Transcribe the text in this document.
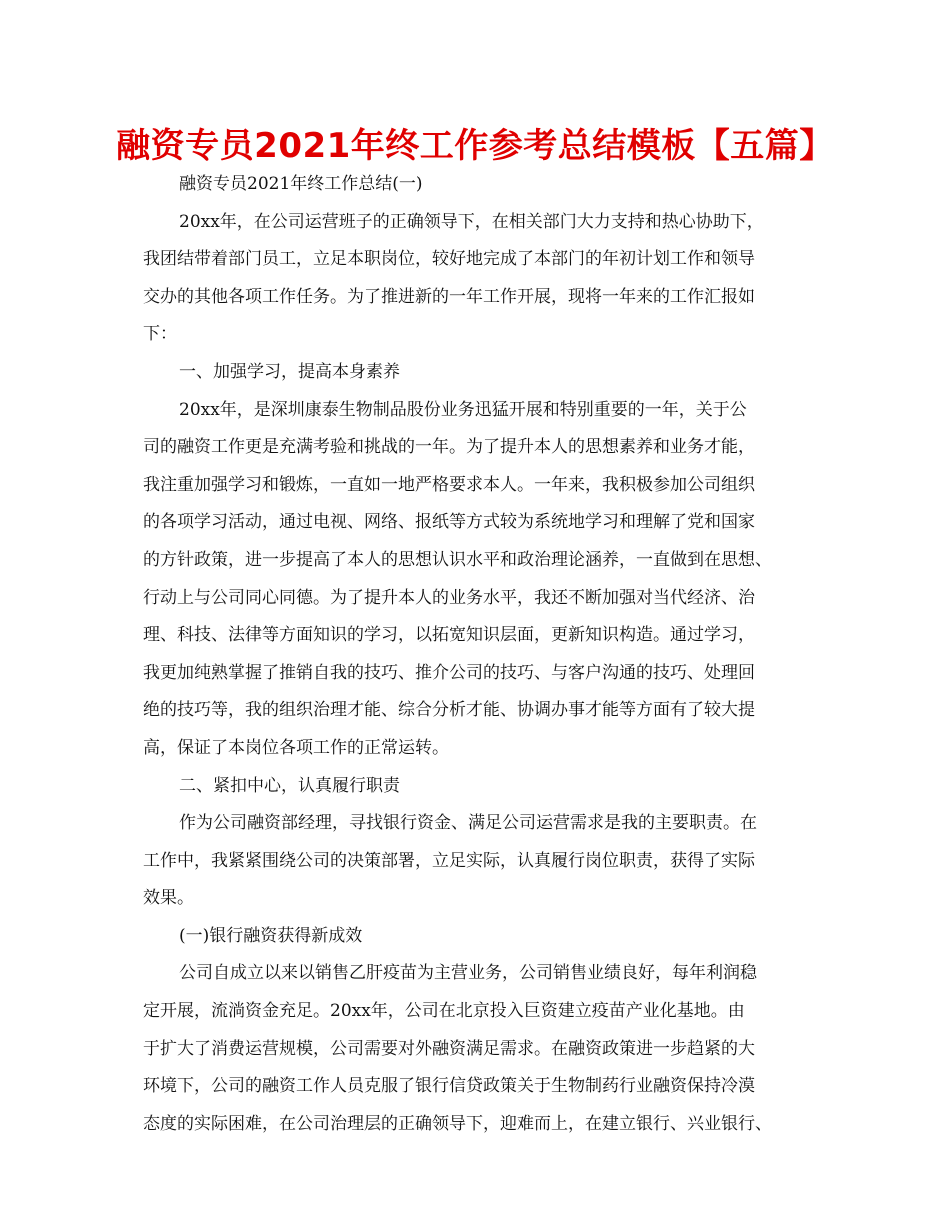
融资专员2021年终工作参考总结模板【五篇】
融资专员2021年终工作总结(一)
20xx年，在公司运营班子的正确领导下，在相关部门大力支持和热心协助下，
我团结带着部门员工，立足本职岗位，较好地完成了本部门的年初计划工作和领导
交办的其他各项工作任务。为了推进新的一年工作开展，现将一年来的工作汇报如
下：
一、加强学习，提高本身素养
20xx年，是深圳康泰生物制品股份业务迅猛开展和特别重要的一年，关于公
司的融资工作更是充满考验和挑战的一年。为了提升本人的思想素养和业务才能，
我注重加强学习和锻炼，一直如一地严格要求本人。一年来，我积极参加公司组织
的各项学习活动，通过电视、网络、报纸等方式较为系统地学习和理解了党和国家
的方针政策，进一步提高了本人的思想认识水平和政治理论涵养，一直做到在思想、
行动上与公司同心同德。为了提升本人的业务水平，我还不断加强对当代经济、治
理、科技、法律等方面知识的学习，以拓宽知识层面，更新知识构造。通过学习，
我更加纯熟掌握了推销自我的技巧、推介公司的技巧、与客户沟通的技巧、处理回
绝的技巧等，我的组织治理才能、综合分析才能、协调办事才能等方面有了较大提
高，保证了本岗位各项工作的正常运转。
二、紧扣中心，认真履行职责
作为公司融资部经理，寻找银行资金、满足公司运营需求是我的主要职责。在
工作中，我紧紧围绕公司的决策部署，立足实际，认真履行岗位职责，获得了实际
效果。
(一)银行融资获得新成效
公司自成立以来以销售乙肝疫苗为主营业务，公司销售业绩良好，每年利润稳
定开展，流淌资金充足。20xx年，公司在北京投入巨资建立疫苗产业化基地。由
于扩大了消费运营规模，公司需要对外融资满足需求。在融资政策进一步趋紧的大
环境下，公司的融资工作人员克服了银行信贷政策关于生物制药行业融资保持冷漠
态度的实际困难，在公司治理层的正确领导下，迎难而上，在建立银行、兴业银行、
